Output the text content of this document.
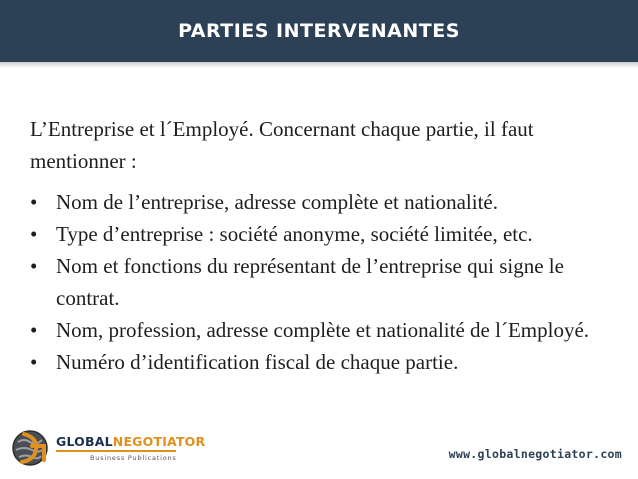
PARTIES INTERVENANTES
L’Entreprise et l´Employé. Concernant chaque partie, il faut mentionner :
• Nom de l’entreprise, adresse complète et nationalité.
• Type d’entreprise : société anonyme, société limitée, etc.
• Nom et fonctions du représentant de l’entreprise qui signe le contrat.
• Nom, profession, adresse complète et nationalité de l´Employé.
• Numéro d’identification fiscal de chaque partie.
GLOBALNEGOTIATOR
Business Publications	www.globalnegotiator.com
